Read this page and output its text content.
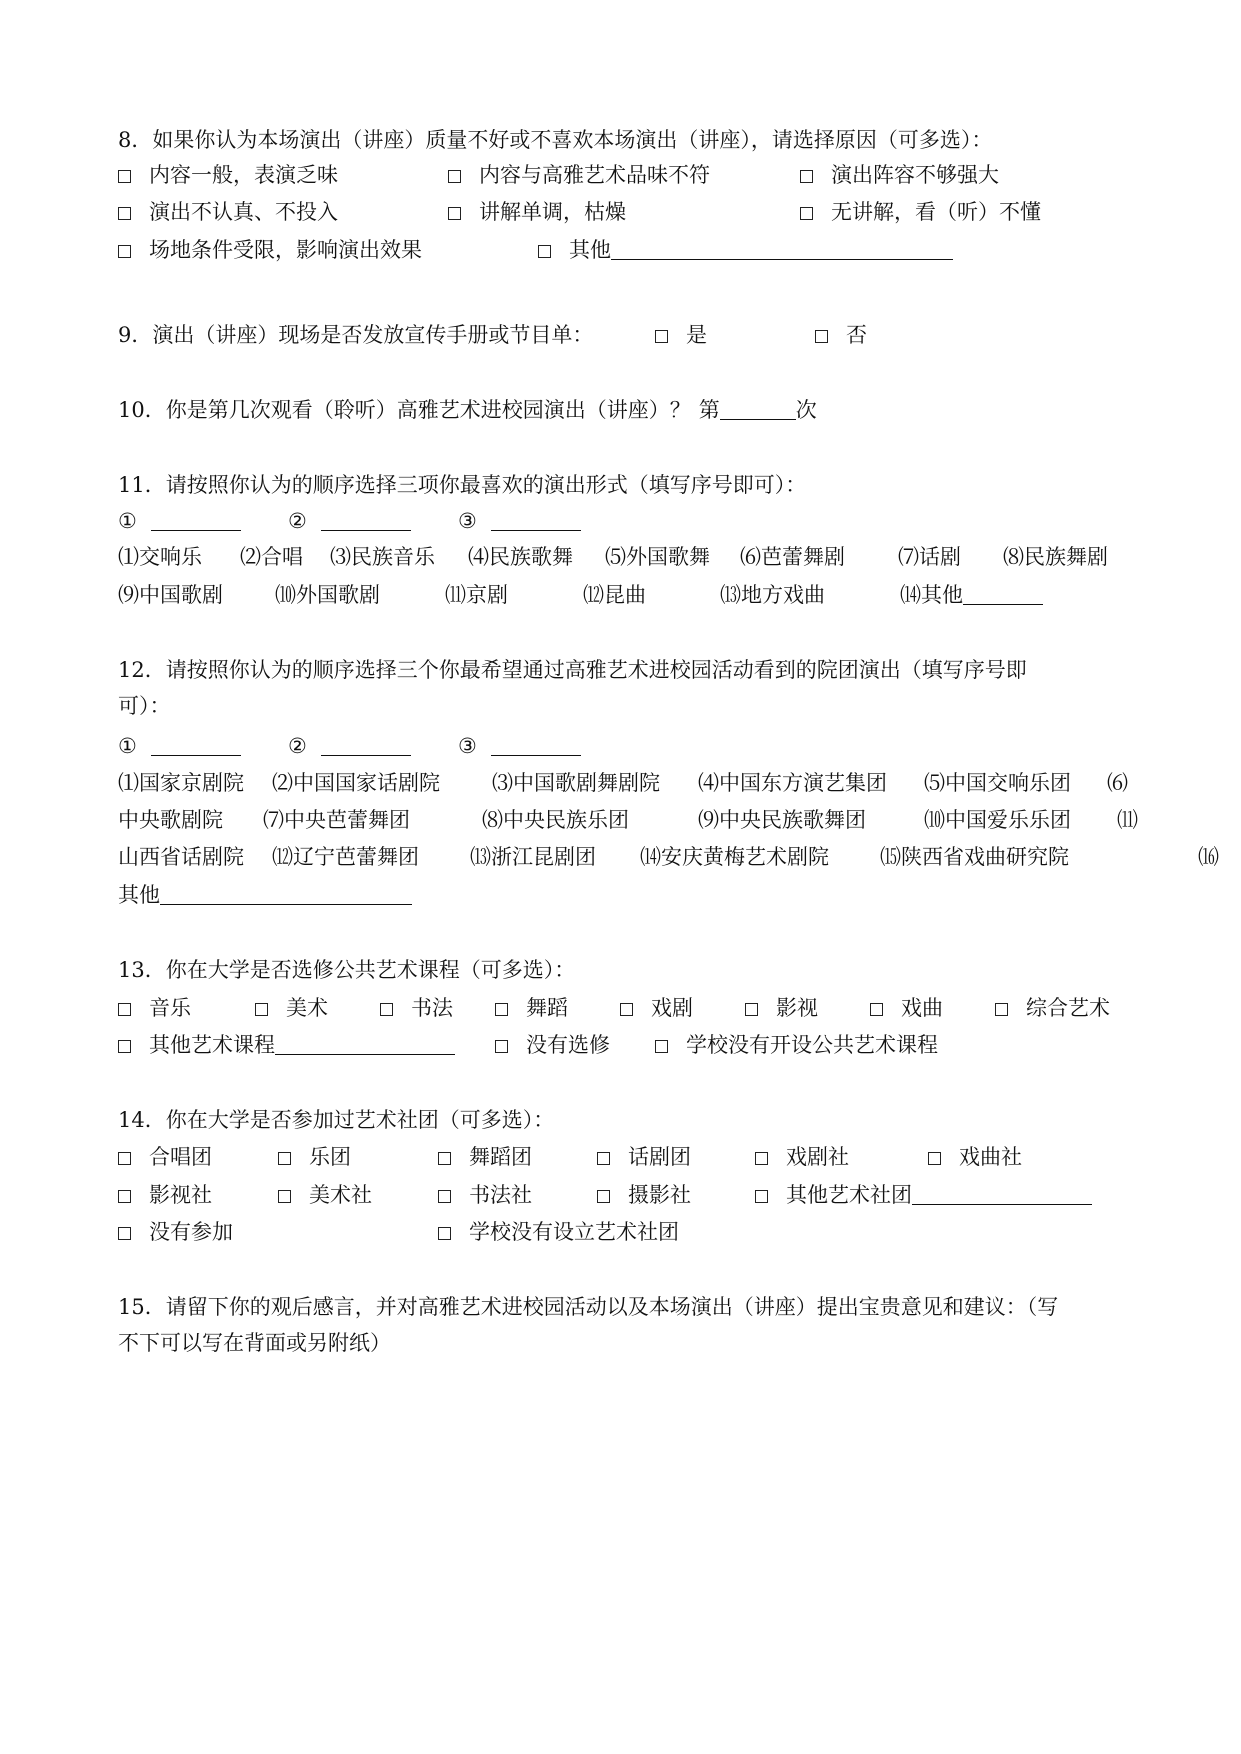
8．如果你认为本场演出（讲座）质量不好或不喜欢本场演出（讲座），请选择原因（可多选）：
内容一般，表演乏味	内容与高雅艺术品味不符	演出阵容不够强大
演出不认真、不投入	讲解单调，枯燥	无讲解，看（听）不懂
场地条件受限，影响演出效果	其他
9．演出（讲座）现场是否发放宣传手册或节目单：	是	否
10．你是第几次观看（聆听）高雅艺术进校园演出（讲座）？ 第	次
11．请按照你认为的顺序选择三项你最喜欢的演出形式（填写序号即可）：
①	②	③
⑴交响乐 ⑵合唱 ⑶民族音乐 ⑷民族歌舞 ⑸外国歌舞 ⑹芭蕾舞剧	⑺话剧 ⑻民族舞剧
⑼中国歌剧 ⑽外国歌剧	⑾京剧	⑿昆曲	⒀地方戏曲	⒁其他
12．请按照你认为的顺序选择三个你最希望通过高雅艺术进校园活动看到的院团演出（填写序号即
可）：
①	②	③
⑴国家京剧院 ⑵中国国家话剧院 ⑶中国歌剧舞剧院 ⑷中国东方演艺集团 ⑸中国交响乐团 ⑹
中央歌剧院 ⑺中央芭蕾舞团	⑻中央民族乐团	⑼中央民族歌舞团	⑽中国爱乐乐团 ⑾
山西省话剧院 ⑿辽宁芭蕾舞团 ⒀浙江昆剧团 ⒁安庆黄梅艺术剧院 ⒂陕西省戏曲研究院	⒃
其他
13．你在大学是否选修公共艺术课程（可多选）：
音乐	美术	书法	舞蹈	戏剧	影视	戏曲	综合艺术
其他艺术课程	没有选修	学校没有开设公共艺术课程
14．你在大学是否参加过艺术社团（可多选）：
合唱团	乐团	舞蹈团	话剧团	戏剧社	戏曲社
影视社	美术社	书法社	摄影社	其他艺术社团
没有参加	学校没有设立艺术社团
15．请留下你的观后感言，并对高雅艺术进校园活动以及本场演出（讲座）提出宝贵意见和建议：（写
不下可以写在背面或另附纸）
